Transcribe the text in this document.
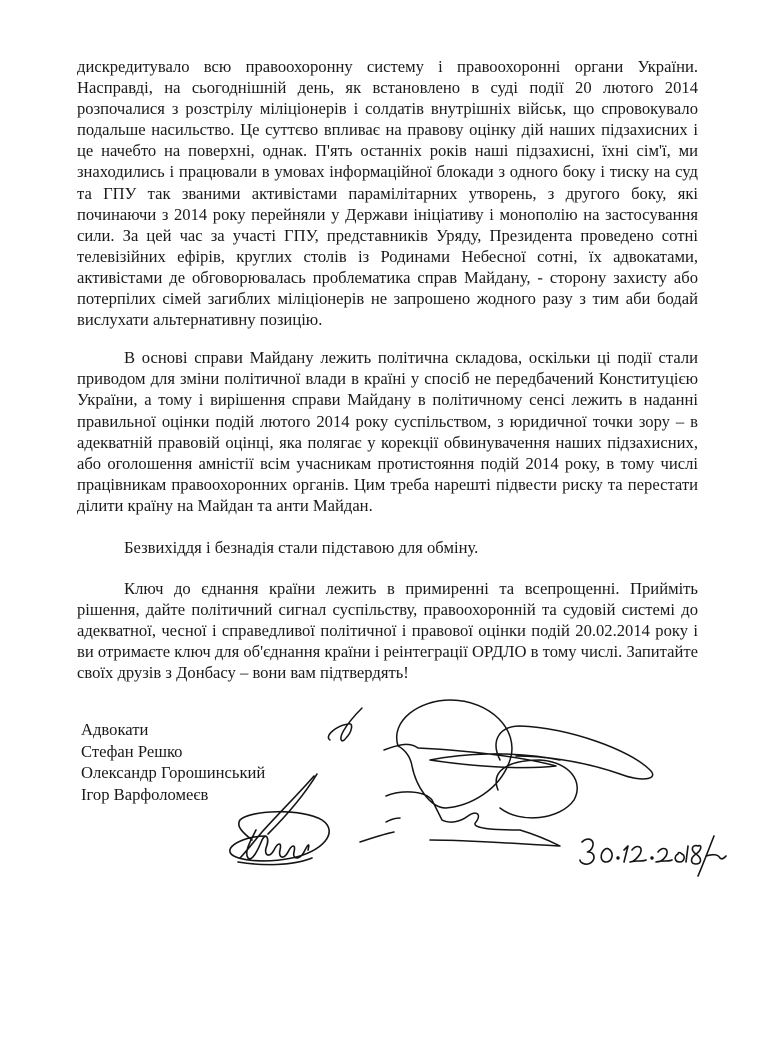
дискредитувало всю правоохоронну систему і правоохоронні органи України. Насправді, на сьогоднішній день, як встановлено в суді події 20 лютого 2014 розпочалися з розстрілу міліціонерів і солдатів внутрішніх військ, що спровокувало подальше насильство. Це суттєво впливає на правову оцінку дій наших підзахисних і це начебто на поверхні, однак. П'ять останніх років наші підзахисні, їхні сім'ї, ми знаходились і працювали в умовах інформаційної блокади з одного боку і тиску на суд та ГПУ так званими активістами парамілітарних утворень, з другого боку, які починаючи з 2014 року перейняли у Держави ініціативу і монополію на застосування сили. За цей час за участі ГПУ, представників Уряду, Президента проведено сотні телевізійних ефірів, круглих столів із Родинами Небесної сотні, їх адвокатами, активістами де обговорювалась проблематика справ Майдану, - сторону захисту або потерпілих сімей загиблих міліціонерів не запрошено жодного разу з тим аби бодай вислухати альтернативну позицію.

В основі справи Майдану лежить політична складова, оскільки ці події стали приводом для зміни політичної влади в країні у спосіб не передбачений Конституцією України, а тому і вирішення справи Майдану в політичному сенсі лежить в наданні правильної оцінки подій лютого 2014 року суспільством, з юридичної точки зору – в адекватній правовій оцінці, яка полягає у корекції обвинувачення наших підзахисних, або оголошення амністії всім учасникам протистояння подій 2014 року, в тому числі працівникам правоохоронних органів. Цим треба нарешті підвести риску та перестати ділити країну на Майдан та анти Майдан.

Безвихіддя і безнадія стали підставою для обміну.

Ключ до єднання країни лежить в примиренні та всепрощенні. Прийміть рішення, дайте політичний сигнал суспільству, правоохоронній та судовій системі до адекватної, чесної і справедливої політичної і правової оцінки подій 20.02.2014 року і ви отримаєте ключ для об'єднання країни і реінтеграції ОРДЛО в тому числі. Запитайте своїх друзів з Донбасу – вони вам підтвердять!

Адвокати
Стефан Решко
Олександр Горошинський
Ігор Варфоломеєв
